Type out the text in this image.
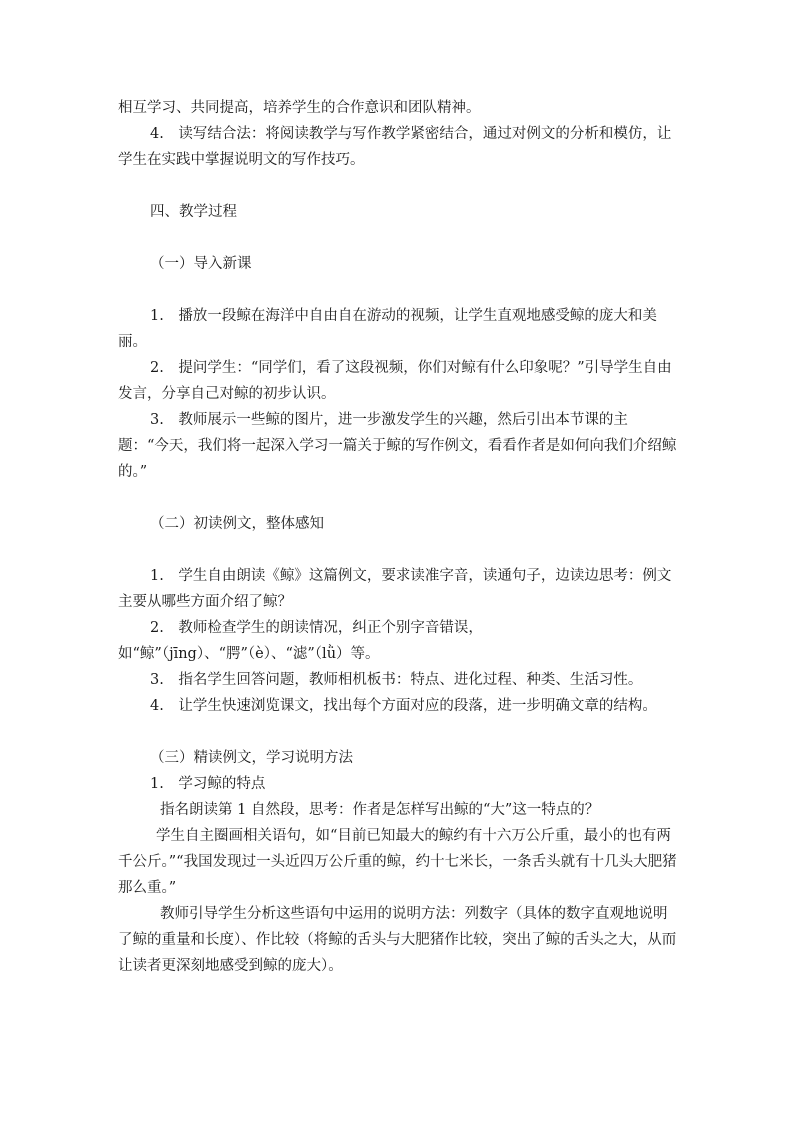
相互学习、共同提高，培养学生的合作意识和团队精神。

4.　读写结合法：将阅读教学与写作教学紧密结合，通过对例文的分析和模仿，让学生在实践中掌握说明文的写作技巧。

四、教学过程

（一）导入新课

1.　播放一段鲸在海洋中自由自在游动的视频，让学生直观地感受鲸的庞大和美丽。

2.　提问学生：“同学们，看了这段视频，你们对鲸有什么印象呢？”引导学生自由发言，分享自己对鲸的初步认识。

3.　教师展示一些鲸的图片，进一步激发学生的兴趣，然后引出本节课的主题：“今天，我们将一起深入学习一篇关于鲸的写作例文，看看作者是如何向我们介绍鲸的。”

（二）初读例文，整体感知

1.　学生自由朗读《鲸》这篇例文，要求读准字音，读通句子，边读边思考：例文主要从哪些方面介绍了鲸？

2.　教师检查学生的朗读情况，纠正个别字音错误，如“鲸”（jīng）、“腭”（è）、“滤”（lǜ）等。

3.　指名学生回答问题，教师相机板书：特点、进化过程、种类、生活习性。

4.　让学生快速浏览课文，找出每个方面对应的段落，进一步明确文章的结构。

（三）精读例文，学习说明方法

1.　学习鲸的特点

指名朗读第 1 自然段，思考：作者是怎样写出鲸的“大”这一特点的？

学生自主圈画相关语句，如“目前已知最大的鲸约有十六万公斤重，最小的也有两千公斤。”“我国发现过一头近四万公斤重的鲸，约十七米长，一条舌头就有十几头大肥猪那么重。”

教师引导学生分析这些语句中运用的说明方法：列数字（具体的数字直观地说明了鲸的重量和长度）、作比较（将鲸的舌头与大肥猪作比较，突出了鲸的舌头之大，从而让读者更深刻地感受到鲸的庞大）。
